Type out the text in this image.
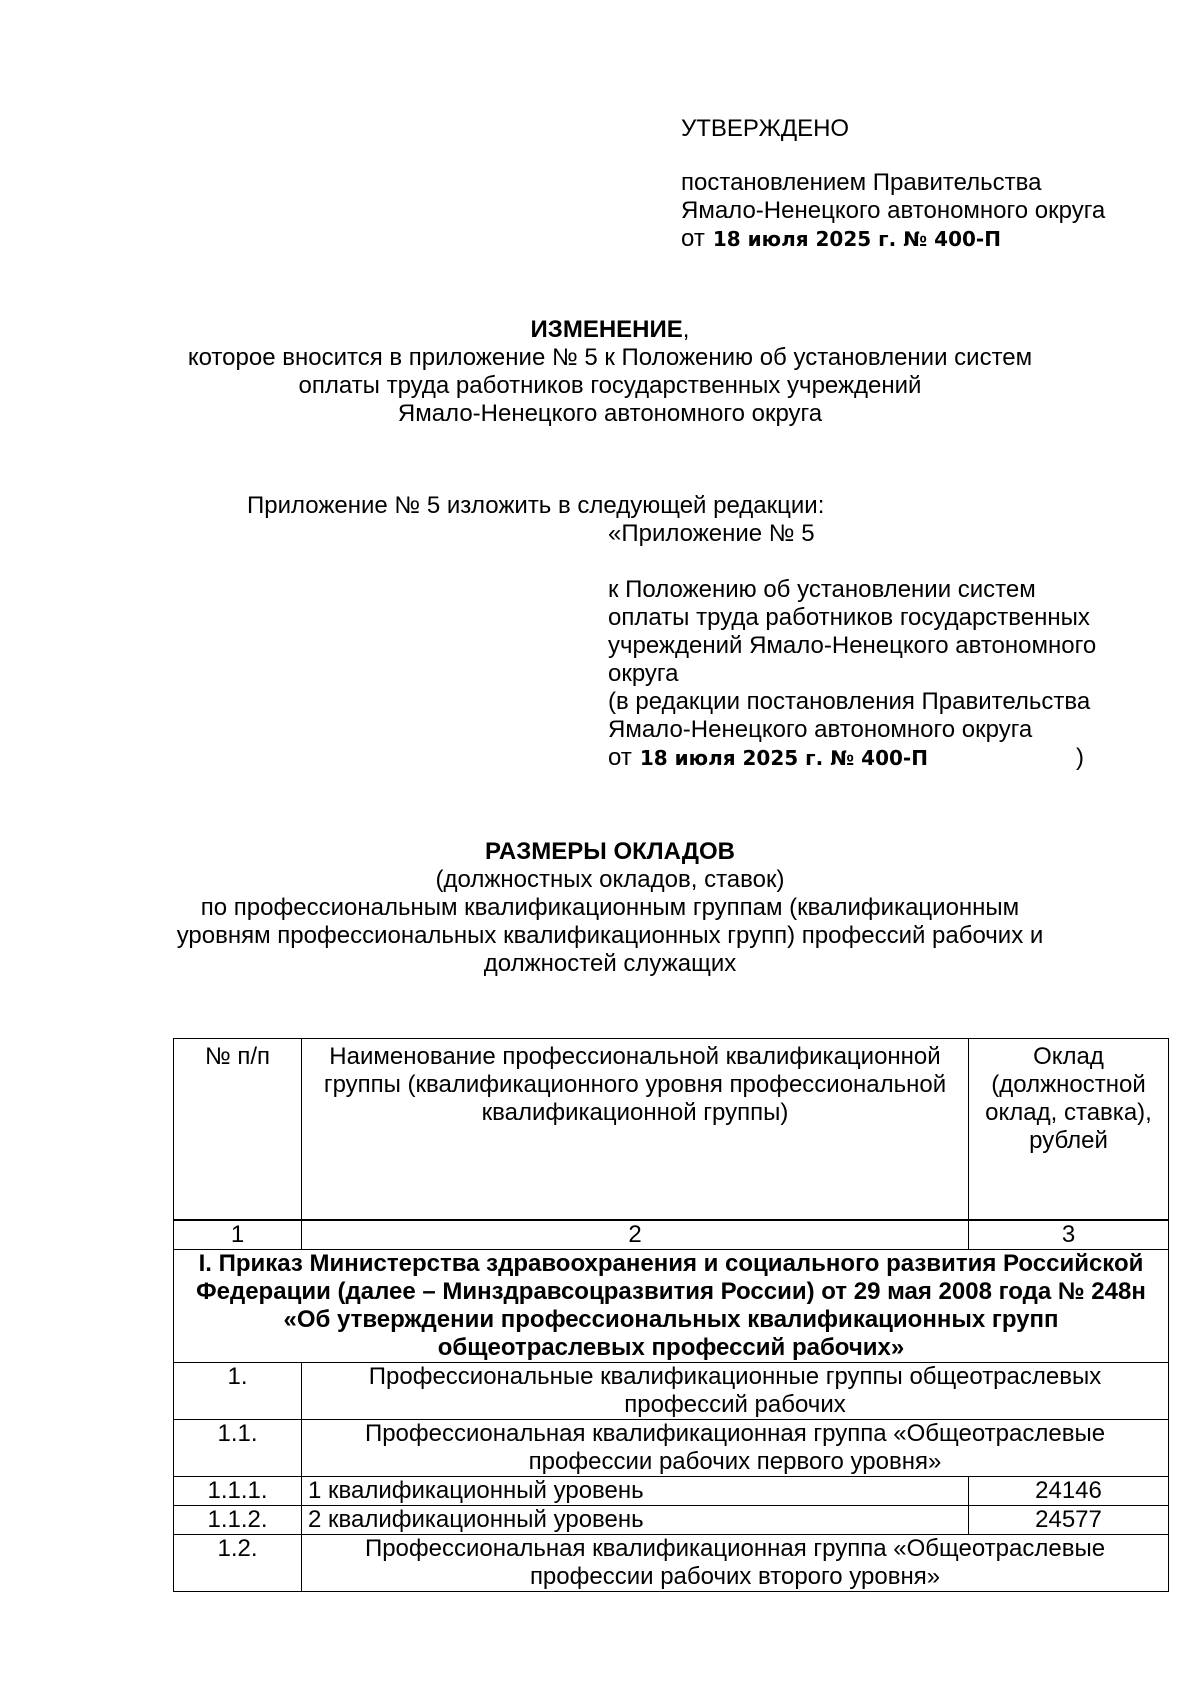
УТВЕРЖДЕНО
постановлением Правительства
Ямало-Ненецкого автономного округа
от 18 июля 2025 г. № 400-П
ИЗМЕНЕНИЕ,
которое вносится в приложение № 5 к Положению об установлении систем
оплаты труда работников государственных учреждений
Ямало-Ненецкого автономного округа
Приложение № 5 изложить в следующей редакции:
«Приложение № 5
к Положению об установлении систем
оплаты труда работников государственных
учреждений Ямало-Ненецкого автономного
округа
(в редакции постановления Правительства
Ямало-Ненецкого автономного округа
от 18 июля 2025 г. № 400-П	)
РАЗМЕРЫ ОКЛАДОВ
(должностных окладов, ставок)
по профессиональным квалификационным группам (квалификационным
уровням профессиональных квалификационных групп) профессий рабочих и
должностей служащих
№ п/п	Наименование профессиональной квалификационной группы (квалификационного уровня профессиональной квалификационной группы)	Оклад (должностной оклад, ставка), рублей

1	2	3
I. Приказ Министерства здравоохранения и социального развития Российской Федерации (далее – Минздравсоцразвития России) от 29 мая 2008 года № 248н «Об утверждении профессиональных квалификационных групп общеотраслевых профессий рабочих»		
1.	Профессиональные квалификационные группы общеотраслевых профессий рабочих	
1.1.	Профессиональная квалификационная группа «Общеотраслевые профессии рабочих первого уровня»	
1.1.1.	1 квалификационный уровень	24146
1.1.2.	2 квалификационный уровень	24577
1.2.	Профессиональная квалификационная группа «Общеотраслевые профессии рабочих второго уровня»	
